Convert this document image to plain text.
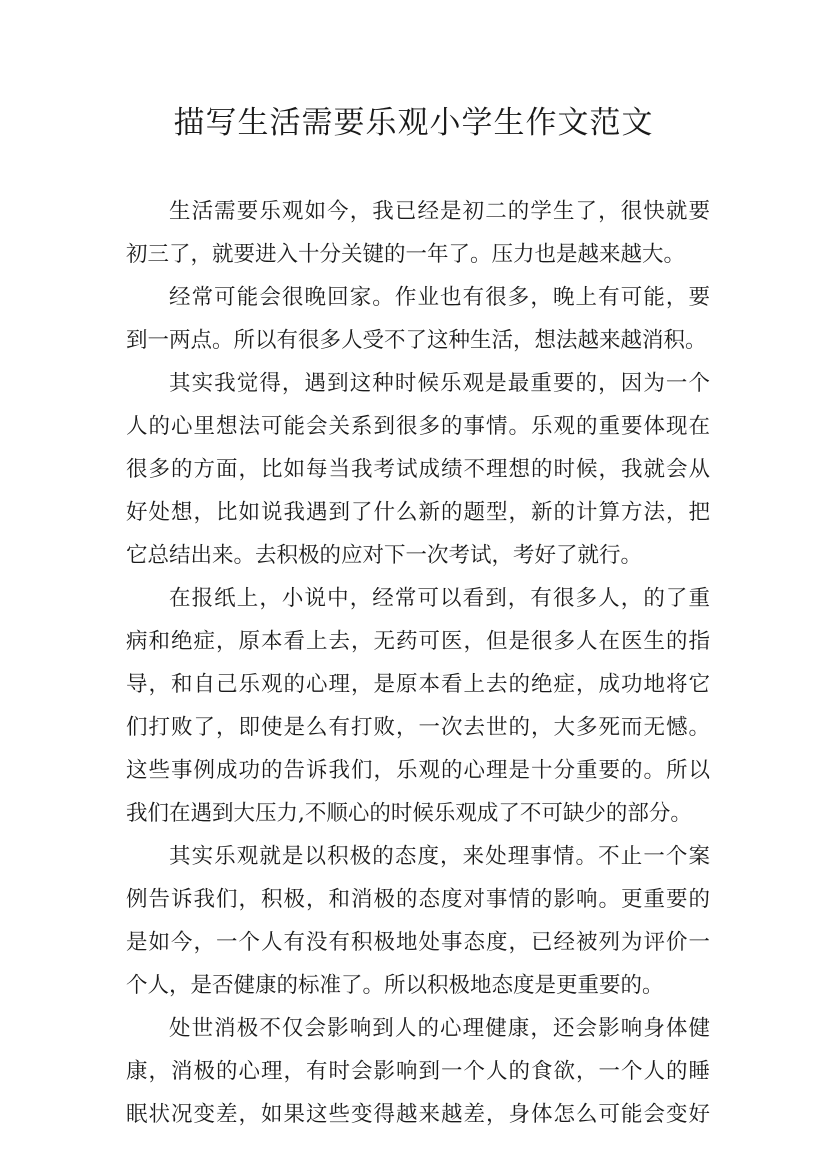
描写生活需要乐观小学生作文范文
生活需要乐观如今，我已经是初二的学生了，很快就要
初三了，就要进入十分关键的一年了。压力也是越来越大。
经常可能会很晚回家。作业也有很多，晚上有可能，要
到一两点。所以有很多人受不了这种生活，想法越来越消积。
其实我觉得，遇到这种时候乐观是最重要的，因为一个
人的心里想法可能会关系到很多的事情。乐观的重要体现在
很多的方面，比如每当我考试成绩不理想的时候，我就会从
好处想，比如说我遇到了什么新的题型，新的计算方法，把
它总结出来。去积极的应对下一次考试，考好了就行。
在报纸上，小说中，经常可以看到，有很多人，的了重
病和绝症，原本看上去，无药可医，但是很多人在医生的指
导，和自己乐观的心理，是原本看上去的绝症，成功地将它
们打败了，即使是么有打败，一次去世的，大多死而无憾。
这些事例成功的告诉我们，乐观的心理是十分重要的。所以
我们在遇到大压力,不顺心的时候乐观成了不可缺少的部分。
其实乐观就是以积极的态度，来处理事情。不止一个案
例告诉我们，积极，和消极的态度对事情的影响。更重要的
是如今，一个人有没有积极地处事态度，已经被列为评价一
个人，是否健康的标准了。所以积极地态度是更重要的。
处世消极不仅会影响到人的心理健康，还会影响身体健
康，消极的心理，有时会影响到一个人的食欲，一个人的睡
眠状况变差，如果这些变得越来越差，身体怎么可能会变好
